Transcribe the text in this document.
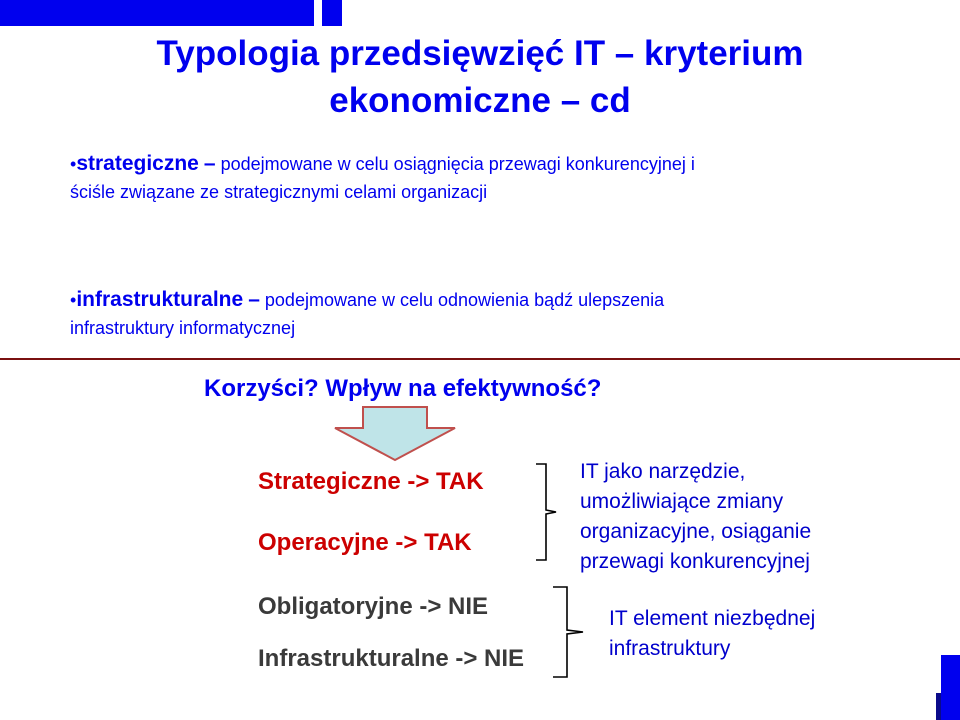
Typologia przedsięwzięć IT – kryterium
ekonomiczne – cd
•strategiczne – podejmowane w celu osiągnięcia przewagi konkurencyjnej i
ściśle związane ze strategicznymi celami organizacji
•infrastrukturalne – podejmowane w celu odnowienia bądź ulepszenia
infrastruktury informatycznej
Korzyści? Wpływ na efektywność?
Strategiczne -> TAK
Operacyjne -> TAK
IT jako narzędzie,
umożliwiające zmiany
organizacyjne, osiąganie
przewagi konkurencyjnej
Obligatoryjne -> NIE
Infrastrukturalne -> NIE
IT element niezbędnej
infrastruktury
